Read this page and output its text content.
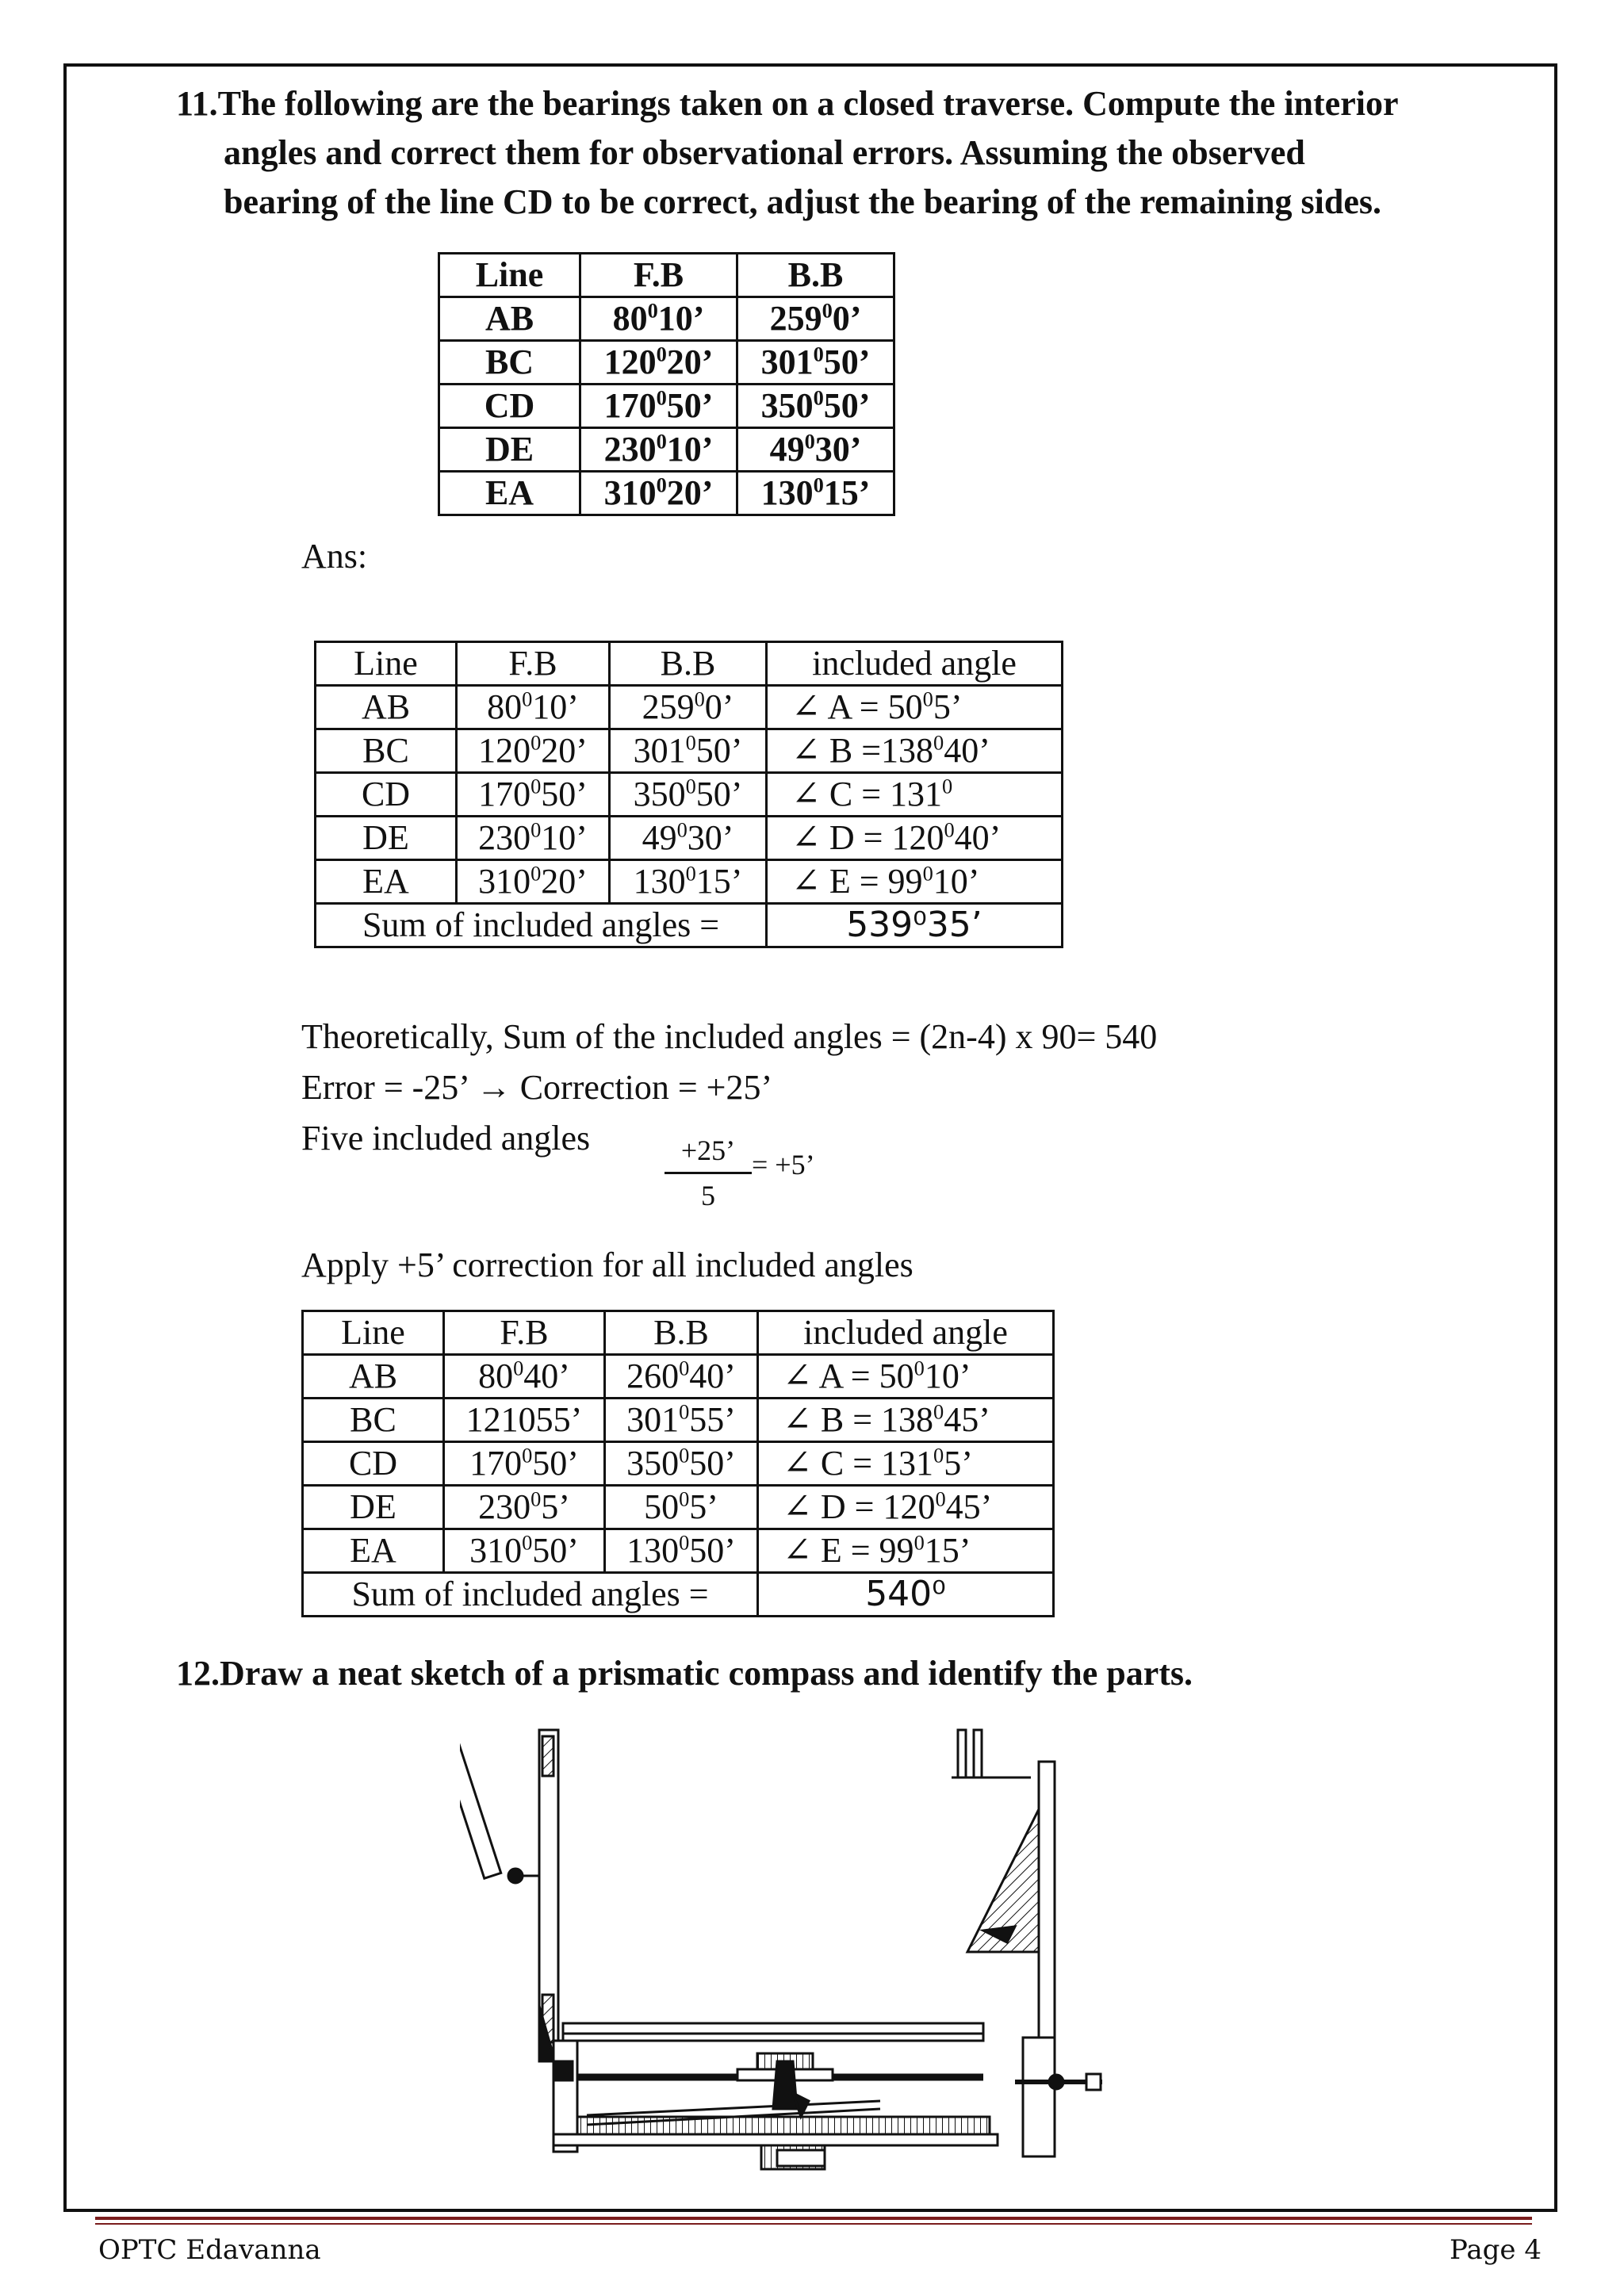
11.The following are the bearings taken on a closed traverse. Compute the interior
angles and correct them for observational errors. Assuming the observed
bearing of the line CD to be correct, adjust the bearing of the remaining sides.
Line	F.B	B.B
AB	$80^010$’	$259^00$’
BC	$120^020$’	$301^050$’
CD	$170^050$’	$350^050$’
DE	$230^010$’	$49^030$’
EA	$310^020$’	$130^015$’
Ans:
Line	F.B	B.B	included angle
AB	$80^010$’	$259^00$’	∠ $A = 50^05$’
BC	$120^020$’	$301^050$’	∠ $B =138^040$’
CD	$170^050$’	$350^050$’	∠ $C = 131^0$
DE	$230^010$’	$49^030$’	∠ $D = 120^040$’
EA	$310^020$’	$130^015$’	∠ $E = 99^010$’
Sum of included angles =			539⁰35’
Theoretically, Sum of the included angles = (2n-4) x 90= 540
Error = -25’ → Correction = +25’
Five included angles	$\frac{+25’}{5} = +5$’
Apply +5’ correction for all included angles
Line	F.B	B.B	included angle
AB	$80^040$’	$260^040$’	∠ $A = 50^010$’
BC	121055’	$301^055$’	∠ $B = 138^045$’
CD	$170^050$’	$350^050$’	∠ $C = 131^05$’
DE	$230^05$’	$50^05$’	∠ $D = 120^045$’
EA	$310^050$’	$130^050$’	∠ $E = 99^015$’
Sum of included angles =			540⁰
12.Draw a neat sketch of a prismatic compass and identify the parts.
OPTC Edavanna	Page 4
